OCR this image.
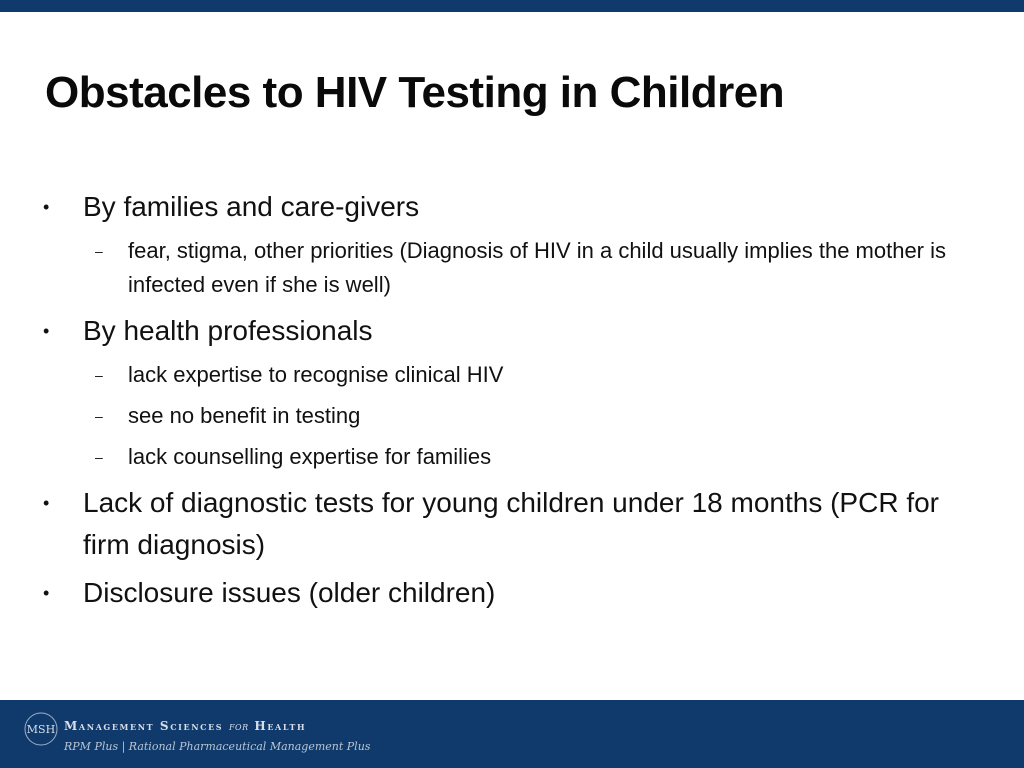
Obstacles to HIV Testing in Children
• By families and care-givers

– fear, stigma, other priorities (Diagnosis of HIV in a child usually implies the mother is infected even if she is well)

• By health professionals

– lack expertise to recognise clinical HIV

– see no benefit in testing

– lack counselling expertise for families

• Lack of diagnostic tests for young children under 18 months (PCR for firm diagnosis)

• Disclosure issues (older children)

MSH Management Sciences for Health
RPM Plus | Rational Pharmaceutical Management Plus
